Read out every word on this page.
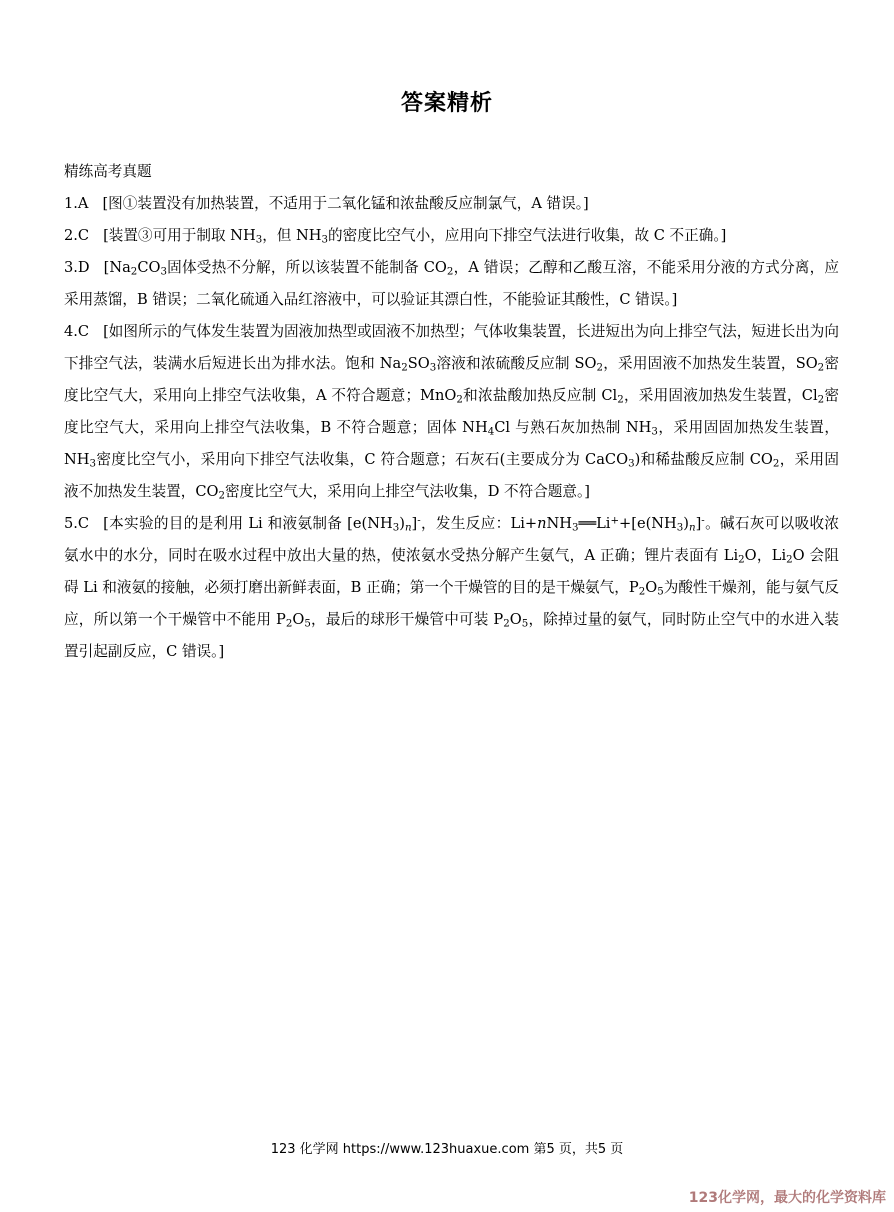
答案精析

精练高考真题

1.A [图①装置没有加热装置，不适用于二氧化锰和浓盐酸反应制氯气，A 错误。]

2.C [装置③可用于制取 $NH_3$，但 $NH_3$的密度比空气小，应用向下排空气法进行收集，故 C 不正确。]

3.D [$Na_2CO_3$固体受热不分解，所以该装置不能制备 $CO_2$，A 错误；乙醇和乙酸互溶，不能采用分液的方式分离，应采用蒸馏，B 错误；二氧化硫通入品红溶液中，可以验证其漂白性，不能验证其酸性，C 错误。]

4.C [如图所示的气体发生装置为固液加热型或固液不加热型；气体收集装置，长进短出为向上排空气法，短进长出为向下排空气法，装满水后短进长出为排水法。饱和 $Na_2SO_3$溶液和浓硫酸反应制 $SO_2$，采用固液不加热发生装置，$SO_2$密度比空气大，采用向上排空气法收集，A 不符合题意；MnO$_2$和浓盐酸加热反应制 $Cl_2$，采用固液加热发生装置，$Cl_2$密度比空气大，采用向上排空气法收集，B 不符合题意；固体 $NH_4Cl$ 与熟石灰加热制 $NH_3$，采用固固加热发生装置，$NH_3$密度比空气小，采用向下排空气法收集，C 符合题意；石灰石(主要成分为 CaCO$_3$)和稀盐酸反应制 $CO_2$，采用固液不加热发生装置，$CO_2$密度比空气大，采用向上排空气法收集，D 不符合题意。]

5.C [本实验的目的是利用 Li 和液氨制备 $[e(NH_3)_n]^-$，发生反应：$Li+nNH_3══Li^++[e(NH_3)_n]^-$。碱石灰可以吸收浓氨水中的水分，同时在吸水过程中放出大量的热，使浓氨水受热分解产生氨气，A 正确；锂片表面有 $Li_2O$，$Li_2O$ 会阻碍 Li 和液氨的接触，必须打磨出新鲜表面，B 正确；第一个干燥管的目的是干燥氨气，$P_2O_5$为酸性干燥剂，能与氨气反应，所以第一个干燥管中不能用 $P_2O_5$，最后的球形干燥管中可装 $P_2O_5$，除掉过量的氨气，同时防止空气中的水进入装置引起副反应，C 错误。]

123 化学网 https://www.123huaxue.com 第5 页，共5 页
123化学网，最大的化学资料库
